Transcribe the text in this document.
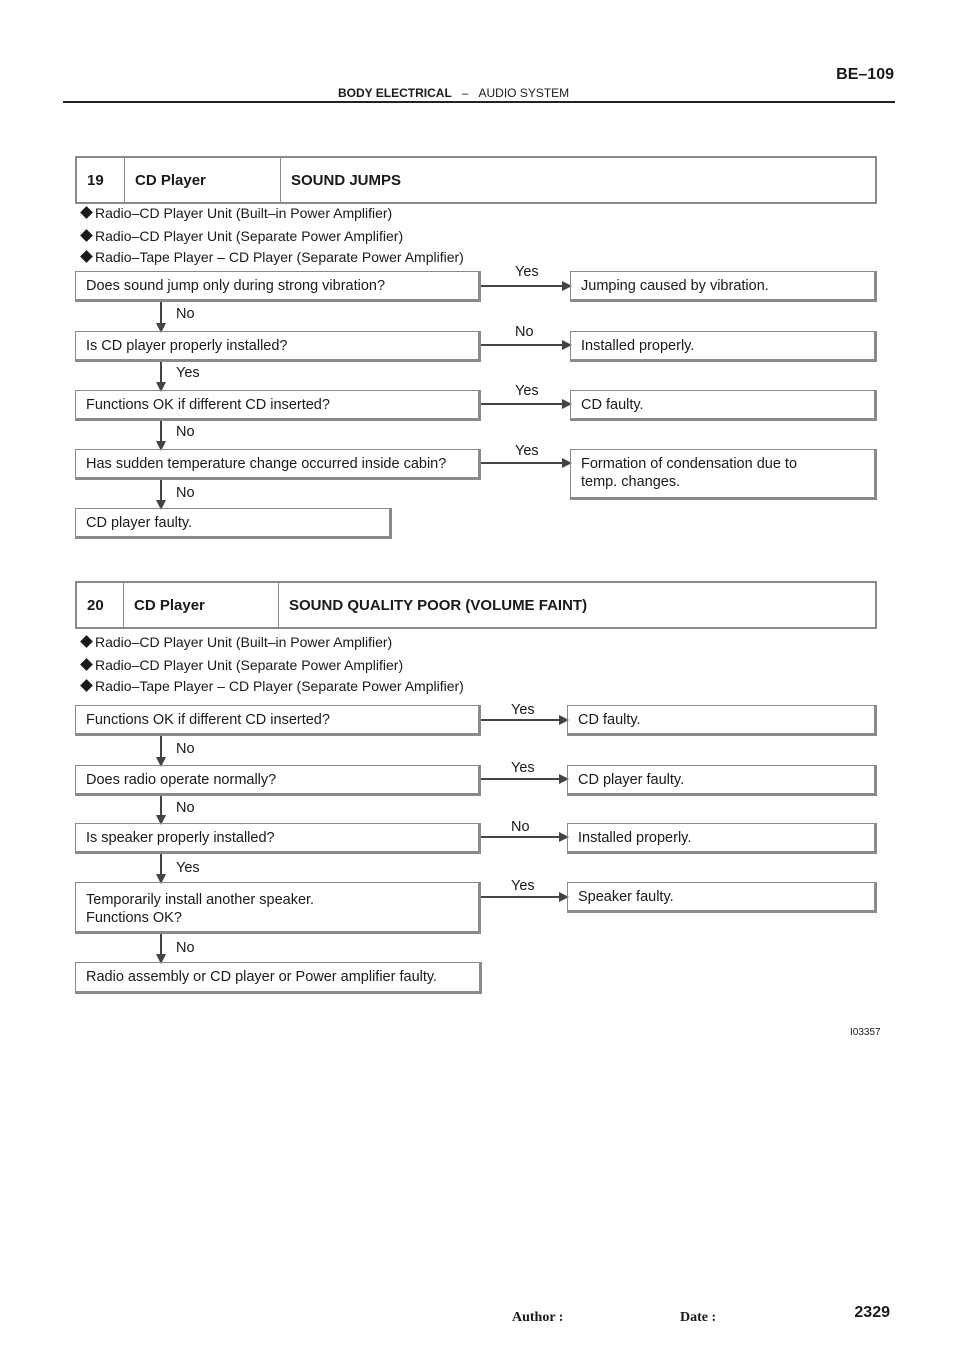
BE–109
BODY ELECTRICAL – AUDIO SYSTEM
19	CD Player	SOUND JUMPS
Radio–CD Player Unit (Built–in Power Amplifier)
Radio–CD Player Unit (Separate Power Amplifier)
Radio–Tape Player – CD Player (Separate Power Amplifier)
Does sound jump only during strong vibration?
Yes
Jumping caused by vibration.
No
Is CD player properly installed?
No
Installed properly.
Yes
Functions OK if different CD inserted?
Yes
CD faulty.
No
Has sudden temperature change occurred inside cabin?
Yes
Formation of condensation due to
temp. changes.
No
CD player faulty.
20	CD Player	SOUND QUALITY POOR (VOLUME FAINT)
Radio–CD Player Unit (Built–in Power Amplifier)
Radio–CD Player Unit (Separate Power Amplifier)
Radio–Tape Player – CD Player (Separate Power Amplifier)
Functions OK if different CD inserted?
Yes
CD faulty.
No
Does radio operate normally?
Yes
CD player faulty.
No
Is speaker properly installed?
No
Installed properly.
Yes
Temporarily install another speaker.
Functions OK?
Yes
Speaker faulty.
No
Radio assembly or CD player or Power amplifier faulty.
I03357
Author :	Date :	2329
